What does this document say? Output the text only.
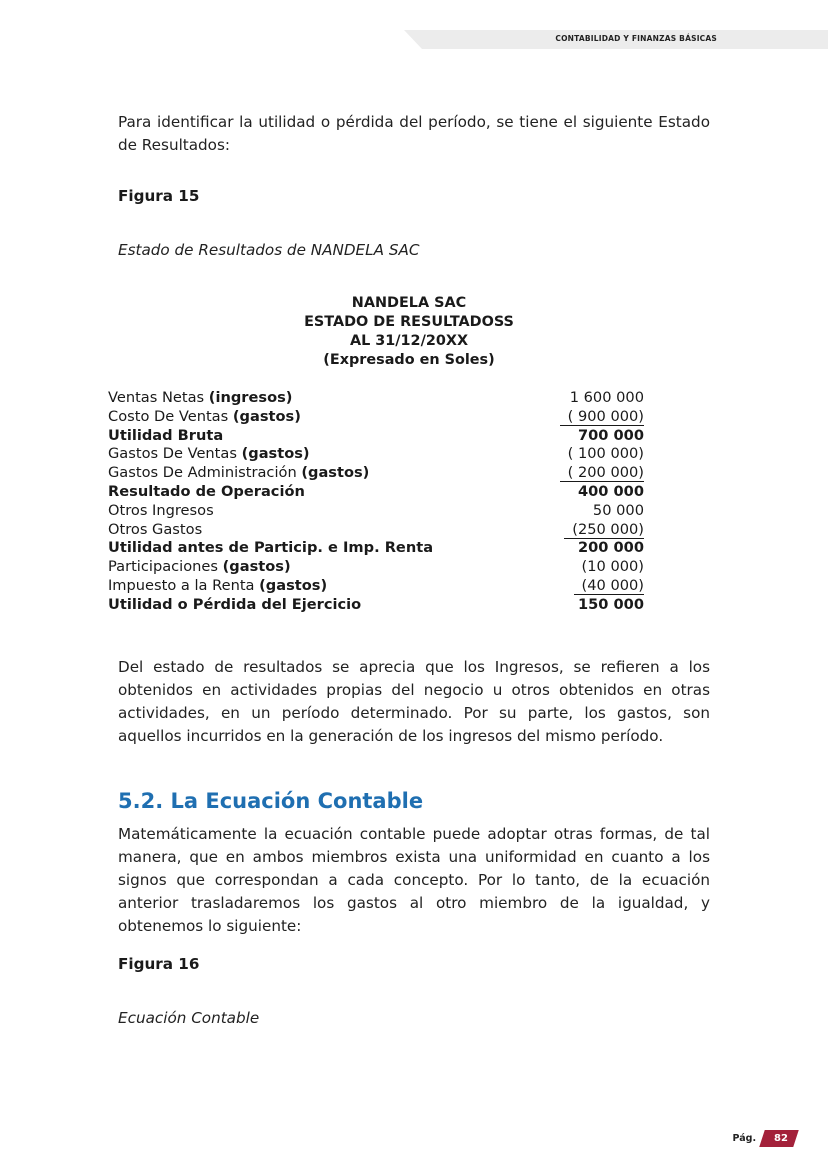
CONTABILIDAD Y FINANZAS BÁSICAS

Para identificar la utilidad o pérdida del período, se tiene el siguiente Estado de Resultados:

Figura 15
Estado de Resultados de NANDELA SAC
NANDELA SAC
ESTADO DE RESULTADOSS
AL 31/12/20XX
(Expresado en Soles)
Ventas Netas (ingresos)	1 600 000
Costo De Ventas (gastos)	( 900 000)
Utilidad Bruta	700 000
Gastos De Ventas (gastos)	( 100 000)
Gastos De Administración (gastos)	( 200 000)
Resultado de Operación	400 000
Otros Ingresos	50 000
Otros Gastos	(250 000)
Utilidad antes de Particip. e Imp. Renta	200 000
Participaciones (gastos)	(10 000)
Impuesto a la Renta (gastos)	(40 000)
Utilidad o Pérdida del Ejercicio	150 000

Del estado de resultados se aprecia que los Ingresos, se refieren a los obtenidos en actividades propias del negocio u otros obtenidos en otras actividades, en un período determinado. Por su parte, los gastos, son aquellos incurridos en la generación de los ingresos del mismo período.

5.2. La Ecuación Contable

Matemáticamente la ecuación contable puede adoptar otras formas, de tal manera, que en ambos miembros exista una uniformidad en cuanto a los signos que correspondan a cada concepto. Por lo tanto, de la ecuación anterior trasladaremos los gastos al otro miembro de la igualdad, y obtenemos lo siguiente:

Figura 16
Ecuación Contable
Pág.	82
